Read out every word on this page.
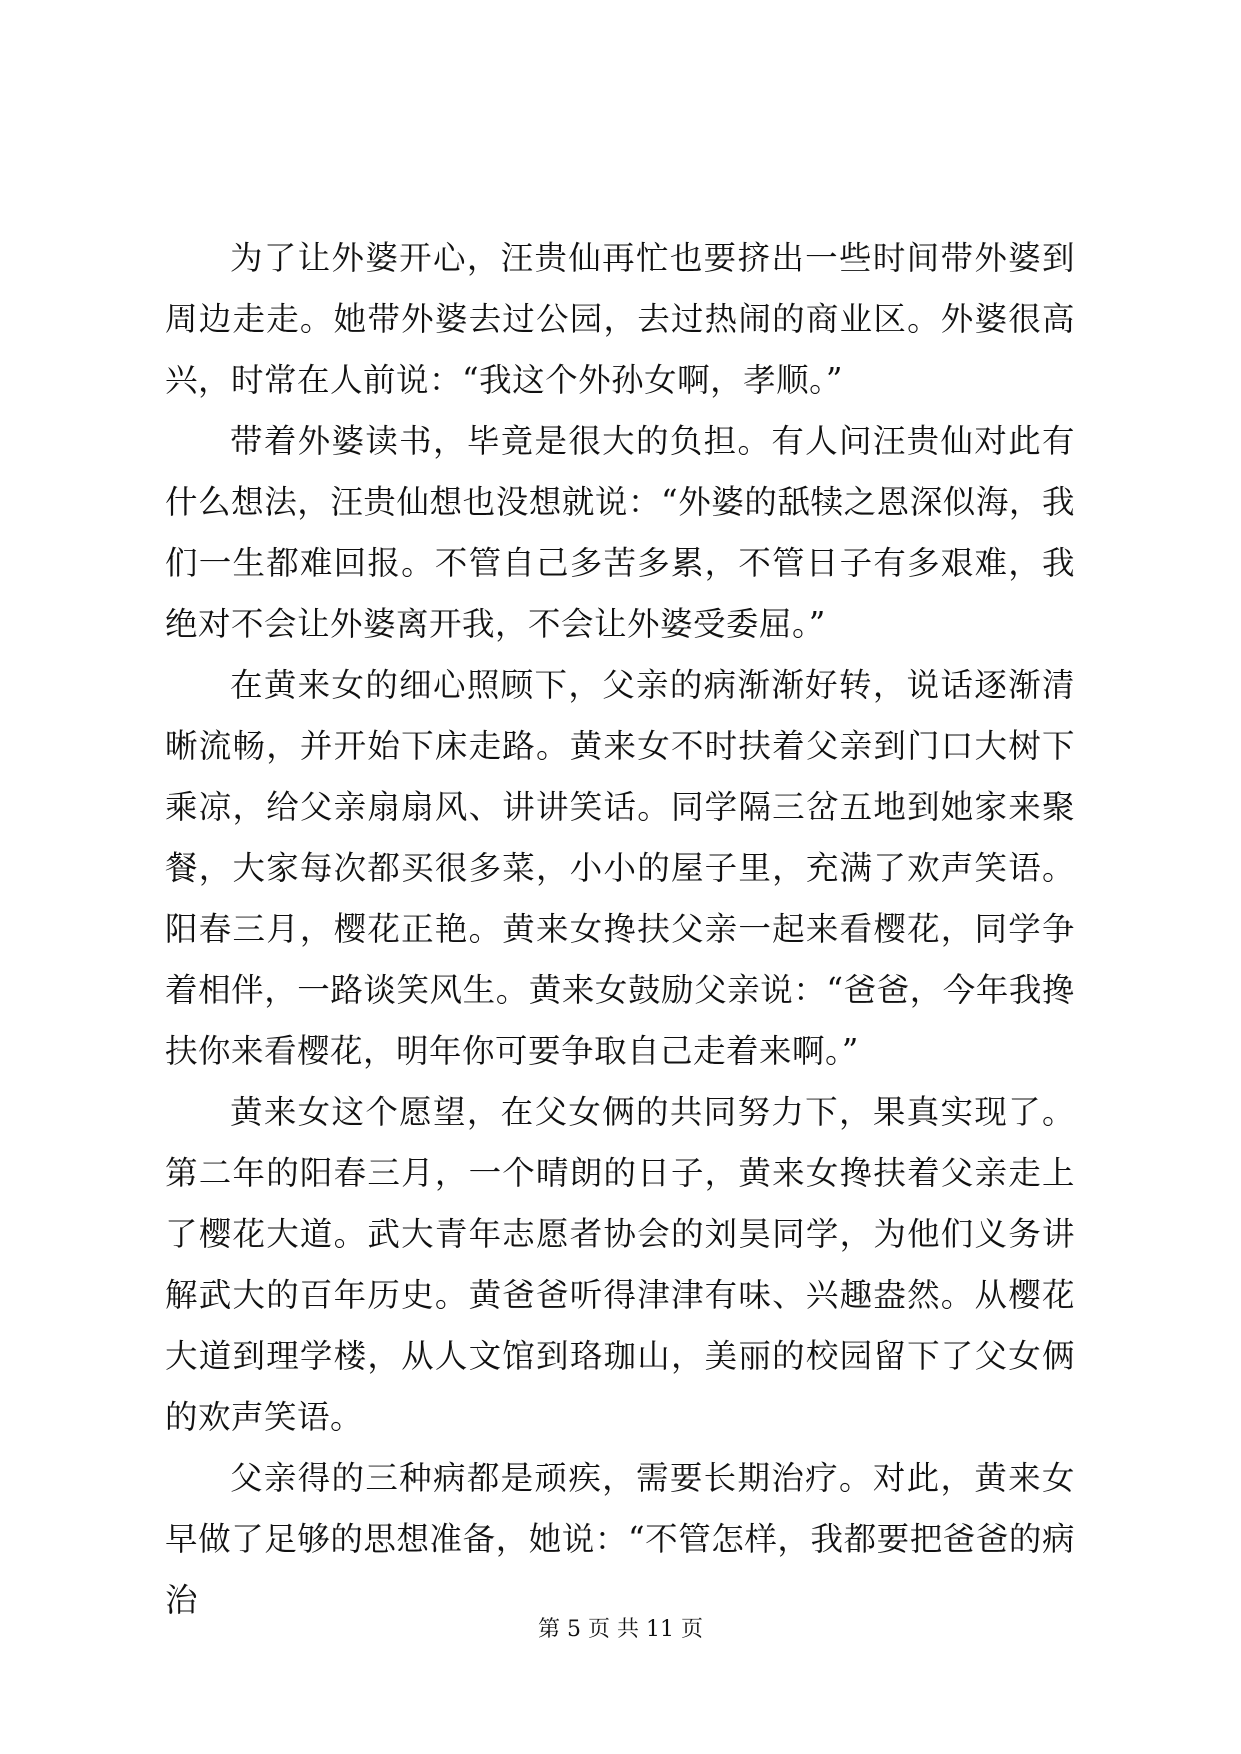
为了让外婆开心，汪贵仙再忙也要挤出一些时间带外婆到周边走走。她带外婆去过公园，去过热闹的商业区。外婆很高兴，时常在人前说：“我这个外孙女啊，孝顺。”

带着外婆读书，毕竟是很大的负担。有人问汪贵仙对此有什么想法，汪贵仙想也没想就说：“外婆的舐犊之恩深似海，我们一生都难回报。不管自己多苦多累，不管日子有多艰难，我绝对不会让外婆离开我，不会让外婆受委屈。”

在黄来女的细心照顾下，父亲的病渐渐好转，说话逐渐清晰流畅，并开始下床走路。黄来女不时扶着父亲到门口大树下乘凉，给父亲扇扇风、讲讲笑话。同学隔三岔五地到她家来聚餐，大家每次都买很多菜，小小的屋子里，充满了欢声笑语。阳春三月，樱花正艳。黄来女搀扶父亲一起来看樱花，同学争着相伴，一路谈笑风生。黄来女鼓励父亲说：“爸爸，今年我搀扶你来看樱花，明年你可要争取自己走着来啊。”

黄来女这个愿望，在父女俩的共同努力下，果真实现了。第二年的阳春三月，一个晴朗的日子，黄来女搀扶着父亲走上了樱花大道。武大青年志愿者协会的刘昊同学，为他们义务讲解武大的百年历史。黄爸爸听得津津有味、兴趣盎然。从樱花大道到理学楼，从人文馆到珞珈山，美丽的校园留下了父女俩的欢声笑语。

父亲得的三种病都是顽疾，需要长期治疗。对此，黄来女早做了足够的思想准备，她说：“不管怎样，我都要把爸爸的病治

第 5 页 共 11 页
